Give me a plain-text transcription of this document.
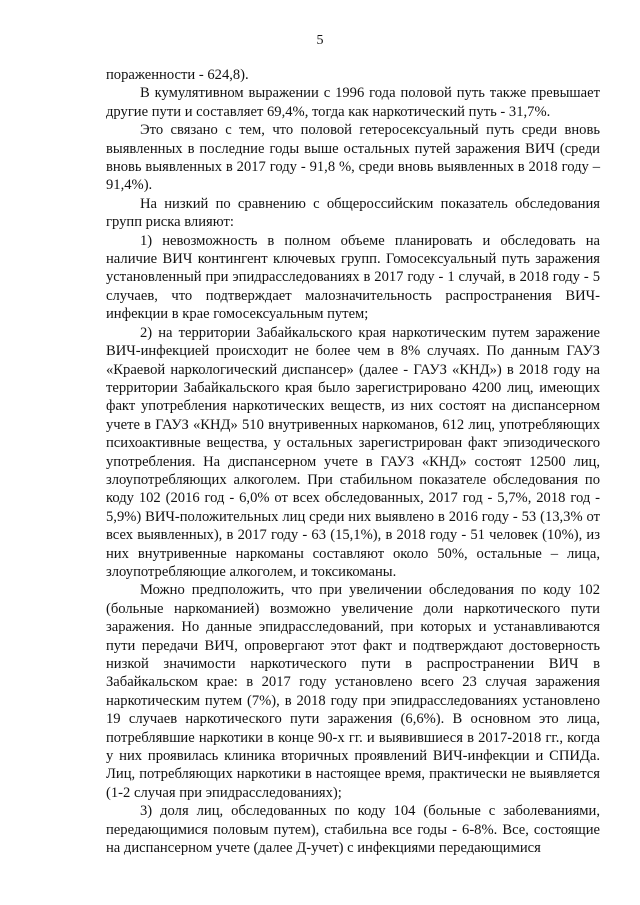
5

пораженности - 624,8).

В кумулятивном выражении с 1996 года половой путь также превышает другие пути и составляет 69,4%, тогда как наркотический путь - 31,7%.

Это связано с тем, что половой гетеросексуальный путь среди вновь выявленных в последние годы выше остальных путей заражения ВИЧ (среди вновь выявленных в 2017 году - 91,8 %, среди вновь выявленных в 2018 году – 91,4%).

На низкий по сравнению с общероссийским показатель обследования групп риска влияют:

1) невозможность в полном объеме планировать и обследовать на наличие ВИЧ контингент ключевых групп. Гомосексуальный путь заражения установленный при эпидрасследованиях в 2017 году - 1 случай, в 2018 году - 5 случаев, что подтверждает малозначительность распространения ВИЧ-инфекции в крае гомосексуальным путем;

2) на территории Забайкальского края наркотическим путем заражение ВИЧ-инфекцией происходит не более чем в 8% случаях. По данным ГАУЗ «Краевой наркологический диспансер» (далее - ГАУЗ «КНД») в 2018 году на территории Забайкальского края было зарегистрировано 4200 лиц, имеющих факт употребления наркотических веществ, из них состоят на диспансерном учете в ГАУЗ «КНД» 510 внутривенных наркоманов, 612 лиц, употребляющих психоактивные вещества, у остальных зарегистрирован факт эпизодического употребления. На диспансерном учете в ГАУЗ «КНД» состоят 12500 лиц, злоупотребляющих алкоголем. При стабильном показателе обследования по коду 102 (2016 год - 6,0% от всех обследованных, 2017 год - 5,7%, 2018 год - 5,9%) ВИЧ-положительных лиц среди них выявлено в 2016 году - 53 (13,3% от всех выявленных), в 2017 году - 63 (15,1%), в 2018 году - 51 человек (10%), из них внутривенные наркоманы составляют около 50%, остальные – лица, злоупотребляющие алкоголем, и токсикоманы.

Можно предположить, что при увеличении обследования по коду 102 (больные наркоманией) возможно увеличение доли наркотического пути заражения. Но данные эпидрасследований, при которых и устанавливаются пути передачи ВИЧ, опровергают этот факт и подтверждают достоверность низкой значимости наркотического пути в распространении ВИЧ в Забайкальском крае: в 2017 году установлено всего 23 случая заражения наркотическим путем (7%), в 2018 году при эпидрасследованиях установлено 19 случаев наркотического пути заражения (6,6%). В основном это лица, потреблявшие наркотики в конце 90-х гг. и выявившиеся в 2017-2018 гг., когда у них проявилась клиника вторичных проявлений ВИЧ-инфекции и СПИДа. Лиц, потребляющих наркотики в настоящее время, практически не выявляется (1-2 случая при эпидрасследованиях);

3) доля лиц, обследованных по коду 104 (больные с заболеваниями, передающимися половым путем), стабильна все годы - 6-8%. Все, состоящие на диспансерном учете (далее Д-учет) с инфекциями передающимися
